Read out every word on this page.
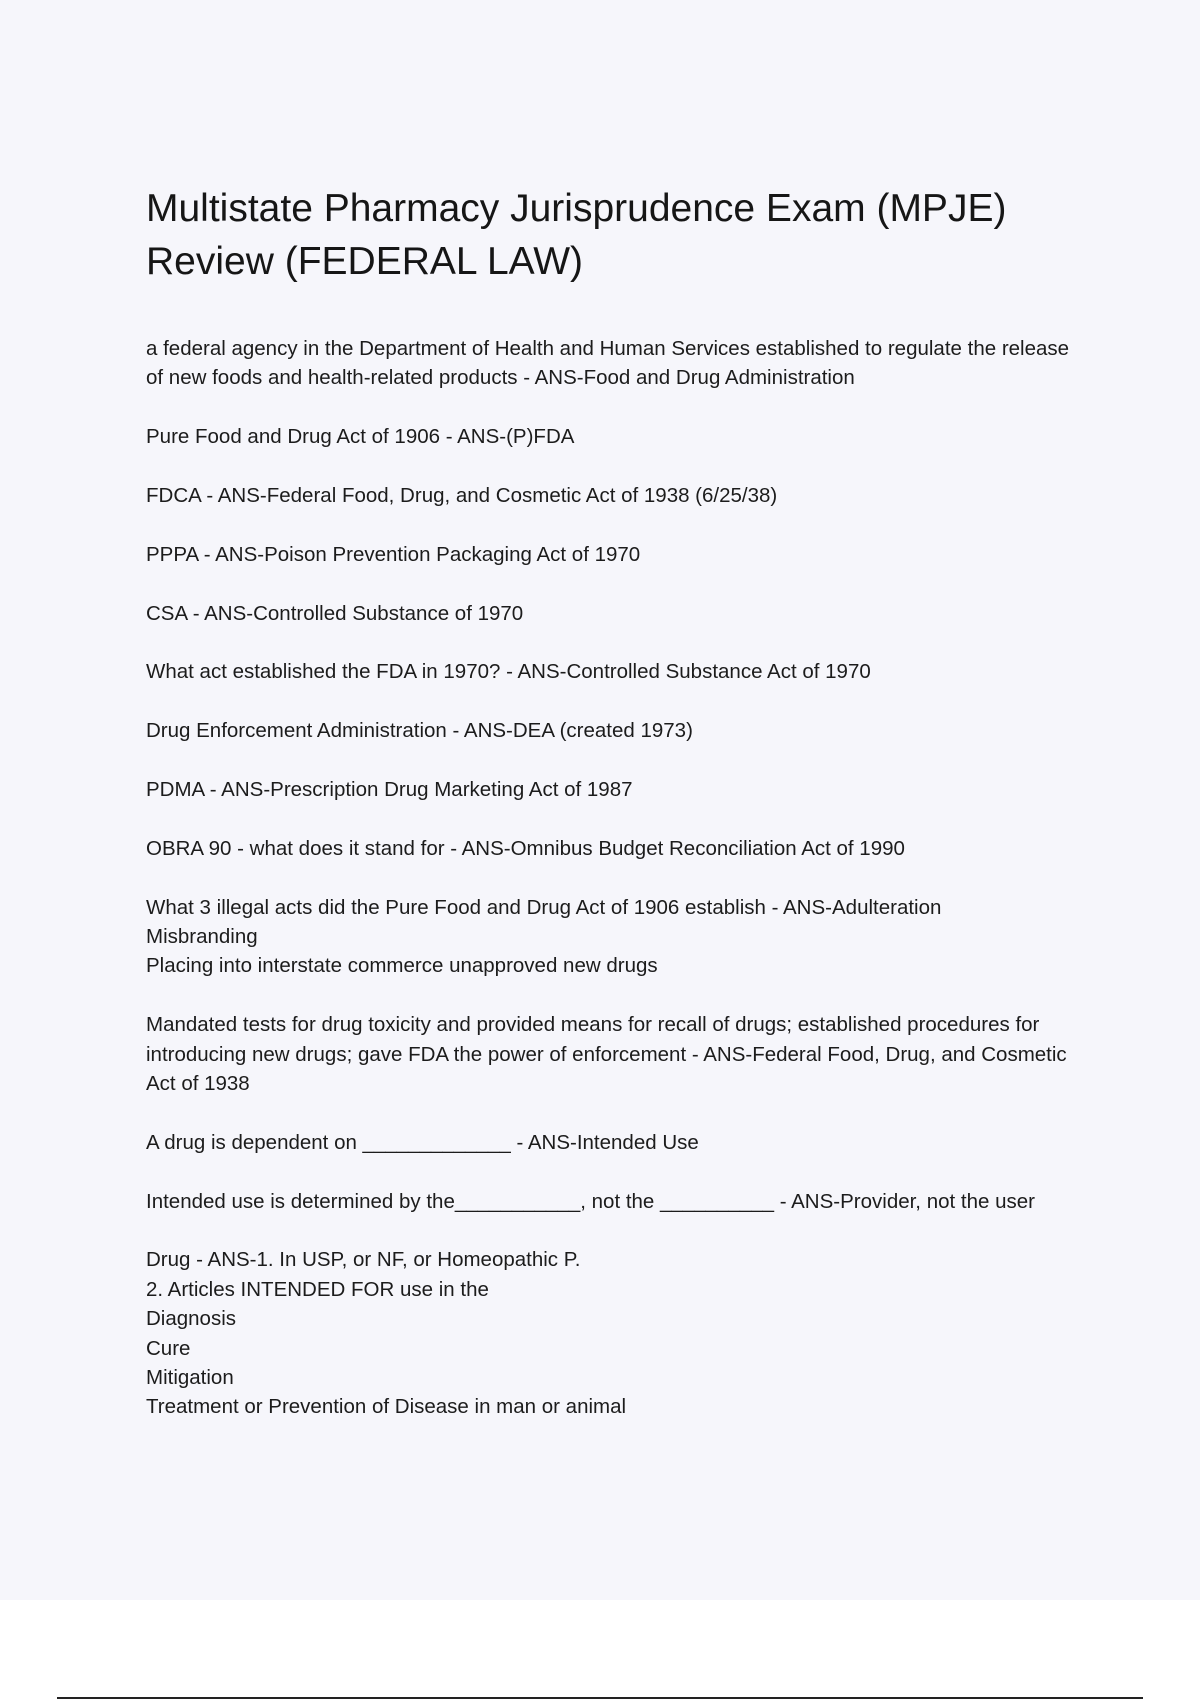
Multistate Pharmacy Jurisprudence Exam (MPJE) Review (FEDERAL LAW)

a federal agency in the Department of Health and Human Services established to regulate the release of new foods and health-related products - ANS-Food and Drug Administration

Pure Food and Drug Act of 1906 - ANS-(P)FDA

FDCA - ANS-Federal Food, Drug, and Cosmetic Act of 1938 (6/25/38)

PPPA - ANS-Poison Prevention Packaging Act of 1970

CSA - ANS-Controlled Substance of 1970

What act established the FDA in 1970? - ANS-Controlled Substance Act of 1970

Drug Enforcement Administration - ANS-DEA (created 1973)

PDMA - ANS-Prescription Drug Marketing Act of 1987

OBRA 90 - what does it stand for - ANS-Omnibus Budget Reconciliation Act of 1990

What 3 illegal acts did the Pure Food and Drug Act of 1906 establish - ANS-Adulteration
Misbranding
Placing into interstate commerce unapproved new drugs

Mandated tests for drug toxicity and provided means for recall of drugs; established procedures for introducing new drugs; gave FDA the power of enforcement - ANS-Federal Food, Drug, and Cosmetic Act of 1938

A drug is dependent on _____________ - ANS-Intended Use

Intended use is determined by the___________, not the __________ - ANS-Provider, not the user

Drug - ANS-1. In USP, or NF, or Homeopathic P.
2. Articles INTENDED FOR use in the
Diagnosis
Cure
Mitigation
Treatment or Prevention of Disease in man or animal
